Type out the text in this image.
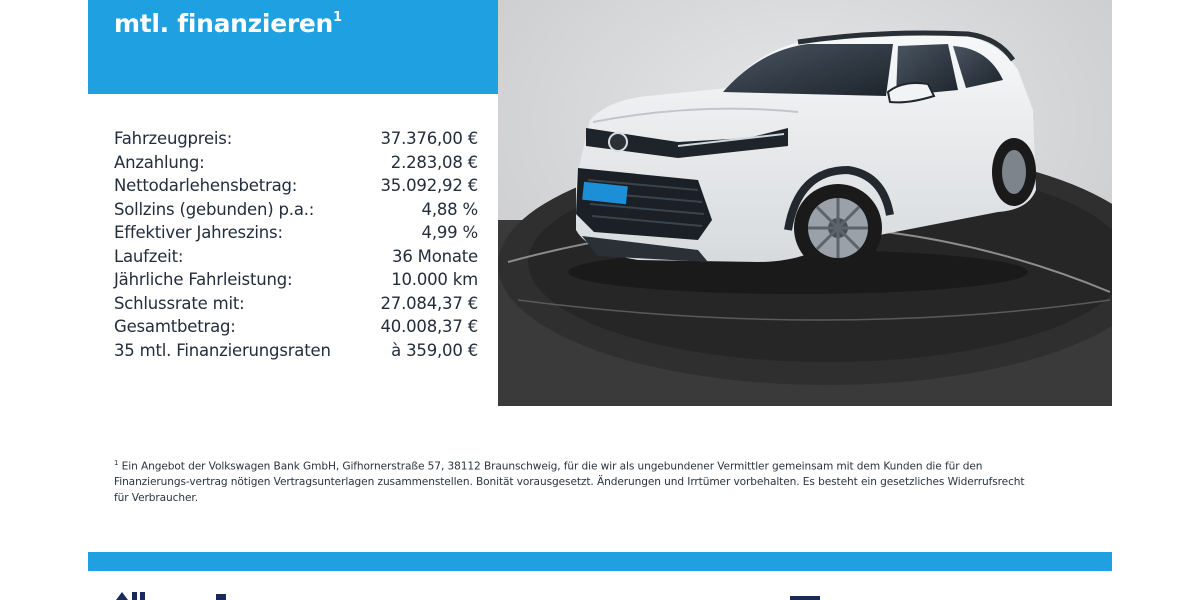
mtl. finanzieren$^1$
Fahrzeugpreis:	37.376,00 €
Anzahlung:	2.283,08 €
Nettodarlehensbetrag:	35.092,92 €
Sollzins (gebunden) p.a.:	4,88 %
Effektiver Jahreszins:	4,99 %
Laufzeit:	36 Monate
Jährliche Fahrleistung:	10.000 km
Schlussrate mit:	27.084,37 €
Gesamtbetrag:	40.008,37 €
35 mtl. Finanzierungsraten	à 359,00 €

$^1$ Ein Angebot der Volkswagen Bank GmbH, Gifhornerstraße 57, 38112 Braunschweig, für die wir als ungebundener Vermittler gemeinsam mit dem Kunden die für den Finanzierungs-vertrag nötigen Vertragsunterlagen zusammenstellen. Bonität vorausgesetzt. Änderungen und Irrtümer vorbehalten. Es besteht ein gesetzliches Widerrufsrecht für Verbraucher.
